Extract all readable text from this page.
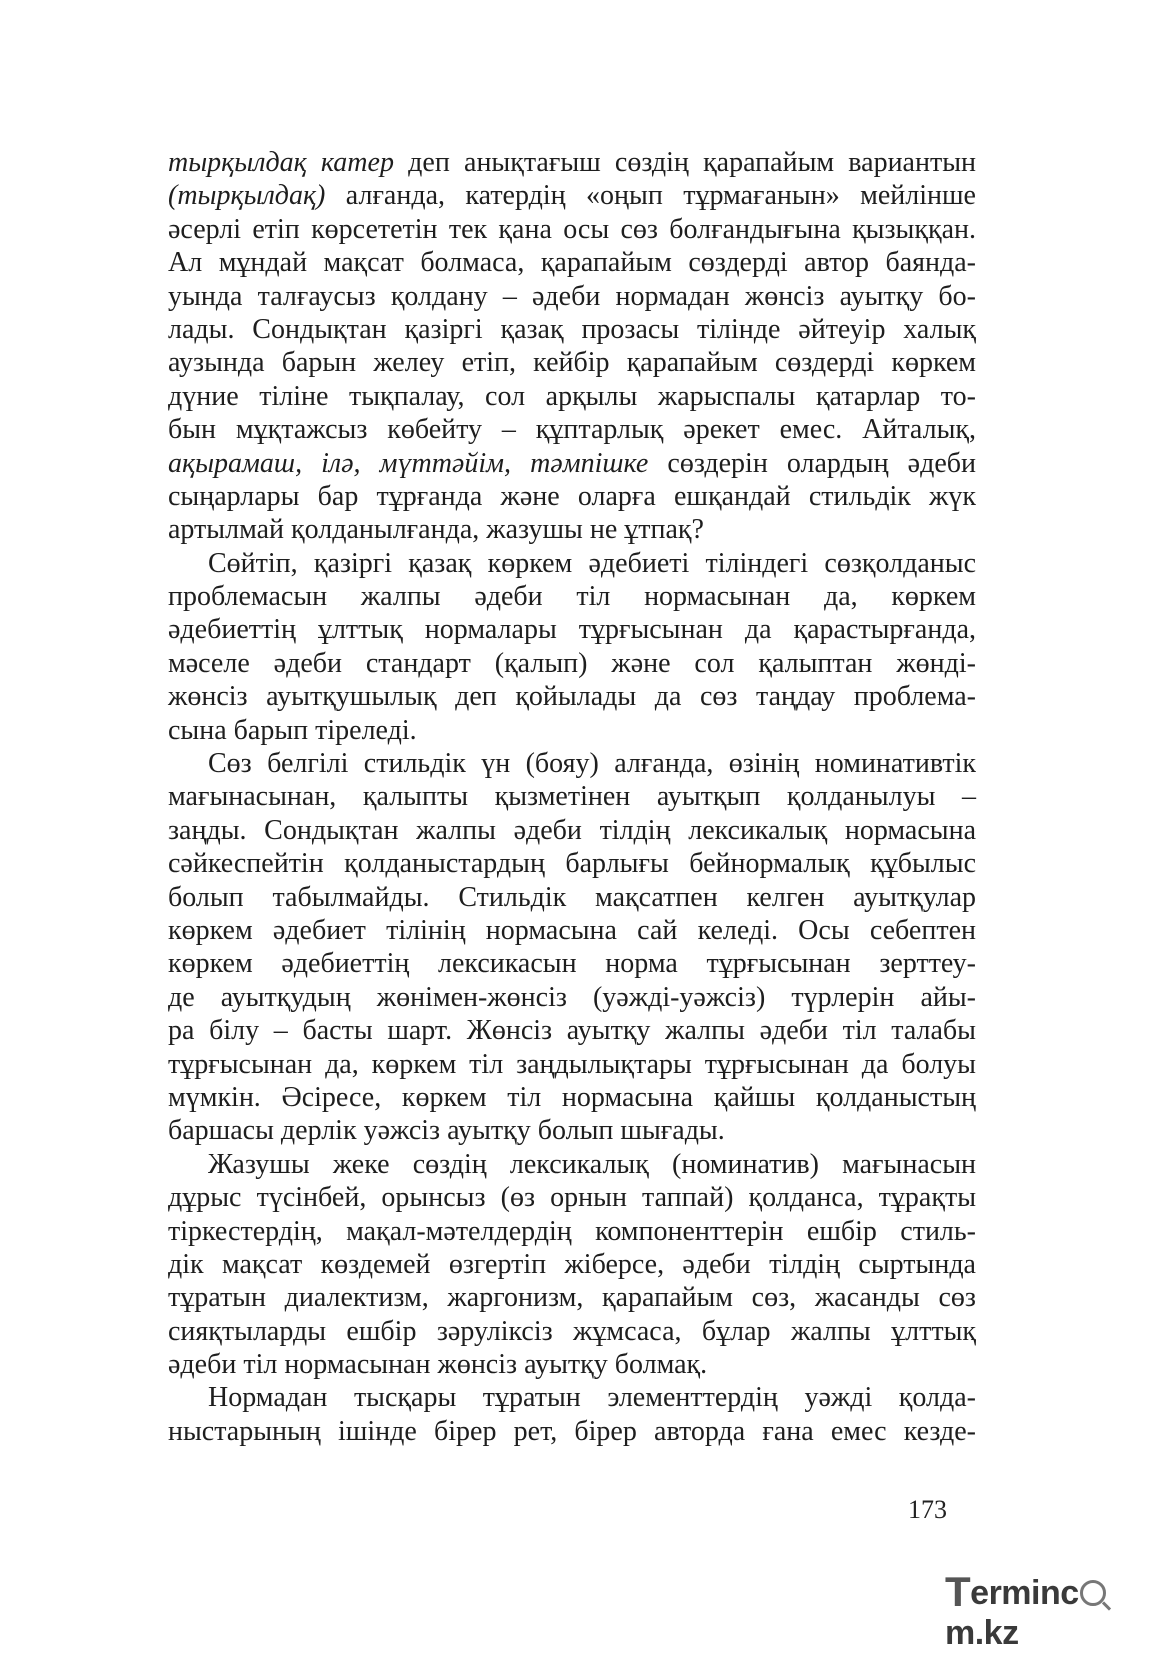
тырқылдақ катер деп анықтағыш сөздің қарапайым вариантын
(тырқылдақ) алғанда, катердің «оңып тұрмағанын» мейлінше
әсерлі етіп көрсететін тек қана осы сөз болғандығына қызыққан.
Ал мұндай мақсат болмаса, қарапайым сөздерді автор баянда-
уында талғаусыз қолдану – әдеби нормадан жөнсіз ауытқу бо-
лады. Сондықтан қазіргі қазақ прозасы тілінде әйтеуір халық
аузында барын желеу етіп, кейбір қарапайым сөздерді көркем
дүние тіліне тықпалау, сол арқылы жарыспалы қатарлар то-
бын мұқтажсыз көбейту – құптарлық әрекет емес. Айталық,
ақырамаш, ілә, мүттәйім, тәмпішке сөздерін олардың әдеби
сыңарлары бар тұрғанда және оларға ешқандай стильдік жүк
артылмай қолданылғанда, жазушы не ұтпақ?
Сөйтіп, қазіргі қазақ көркем әдебиеті тіліндегі сөзқолданыс
проблемасын жалпы әдеби тіл нормасынан да, көркем
әдебиеттің ұлттық нормалары тұрғысынан да қарастырғанда,
мәселе әдеби стандарт (қалып) және сол қалыптан жөнді-
жөнсіз ауытқушылық деп қойылады да сөз таңдау проблема-
сына барып тіреледі.
Сөз белгілі стильдік үн (бояу) алғанда, өзінің номинативтік
мағынасынан, қалыпты қызметінен ауытқып қолданылуы –
заңды. Сондықтан жалпы әдеби тілдің лексикалық нормасына
сәйкеспейтін қолданыстардың барлығы бейнормалық құбылыс
болып табылмайды. Стильдік мақсатпен келген ауытқулар
көркем әдебиет тілінің нормасына сай келеді. Осы себептен
көркем әдебиеттің лексикасын норма тұрғысынан зерттеу-
де ауытқудың жөнімен-жөнсіз (уәжді-уәжсіз) түрлерін айы-
ра білу – басты шарт. Жөнсіз ауытқу жалпы әдеби тіл талабы
тұрғысынан да, көркем тіл заңдылықтары тұрғысынан да болуы
мүмкін. Әсіресе, көркем тіл нормасына қайшы қолданыстың
баршасы дерлік уәжсіз ауытқу болып шығады.
Жазушы жеке сөздің лексикалық (номинатив) мағынасын
дұрыс түсінбей, орынсыз (өз орнын таппай) қолданса, тұрақты
тіркестердің, мақал-мәтелдердің компоненттерін ешбір стиль-
дік мақсат көздемей өзгертіп жіберсе, әдеби тілдің сыртында
тұратын диалектизм, жаргонизм, қарапайым сөз, жасанды сөз
сияқтыларды ешбір зәруліксіз жұмсаса, бұлар жалпы ұлттық
әдеби тіл нормасынан жөнсіз ауытқу болмақ.
Нормадан тысқары тұратын элементтердің уәжді қолда-
ныстарының ішінде бірер рет, бірер авторда ғана емес кезде-
173
Termincm.kz
